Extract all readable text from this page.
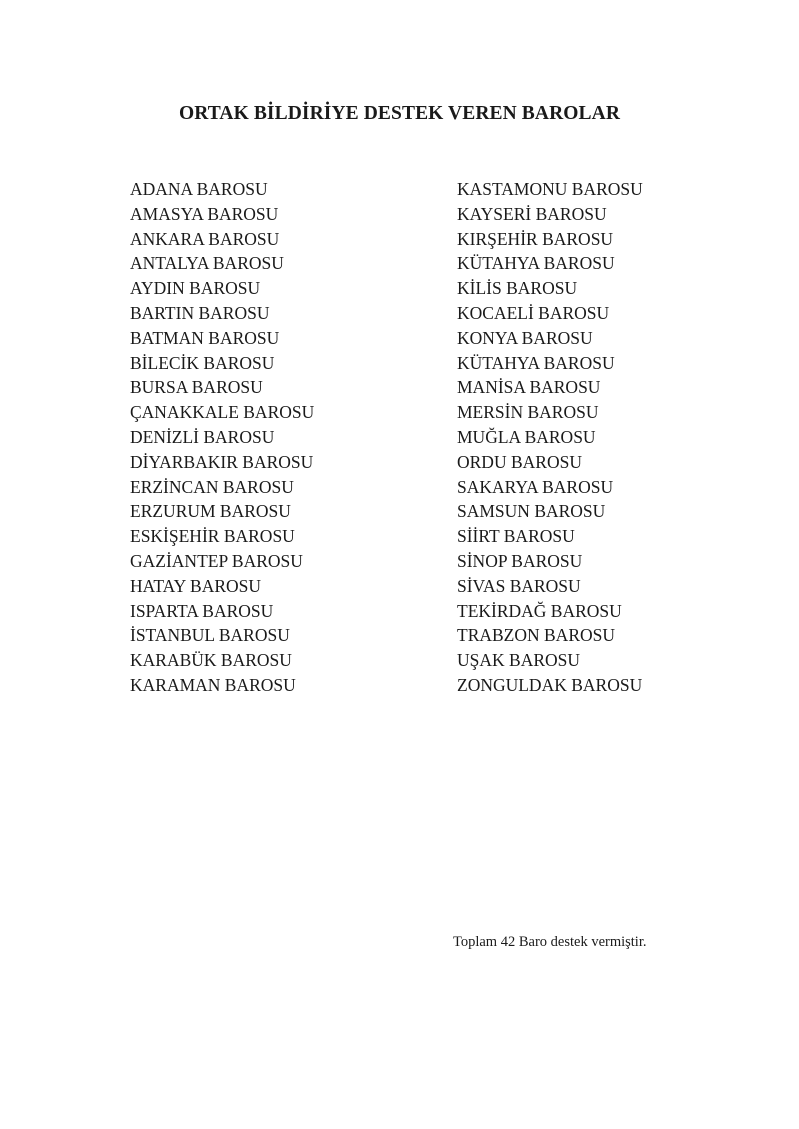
ORTAK BİLDİRİYE DESTEK VEREN BAROLAR
ADANA BAROSU
AMASYA BAROSU
ANKARA BAROSU
ANTALYA BAROSU
AYDIN BAROSU
BARTIN BAROSU
BATMAN BAROSU
BİLECİK BAROSU
BURSA BAROSU
ÇANAKKALE BAROSU
DENİZLİ BAROSU
DİYARBAKIR BAROSU
ERZİNCAN BAROSU
ERZURUM BAROSU
ESKİŞEHİR BAROSU
GAZİANTEP BAROSU
HATAY BAROSU
ISPARTA BAROSU
İSTANBUL BAROSU
KARABÜK BAROSU
KARAMAN BAROSU
KASTAMONU BAROSU
KAYSERİ BAROSU
KIRŞEHİR BAROSU
KÜTAHYA BAROSU
KİLİS BAROSU
KOCAELİ BAROSU
KONYA BAROSU
KÜTAHYA BAROSU
MANİSA BAROSU
MERSİN BAROSU
MUĞLA BAROSU
ORDU BAROSU
SAKARYA BAROSU
SAMSUN BAROSU
SİİRT BAROSU
SİNOP BAROSU
SİVAS BAROSU
TEKİRDAĞ BAROSU
TRABZON BAROSU
UŞAK BAROSU
ZONGULDAK BAROSU
Toplam 42 Baro destek vermiştir.
